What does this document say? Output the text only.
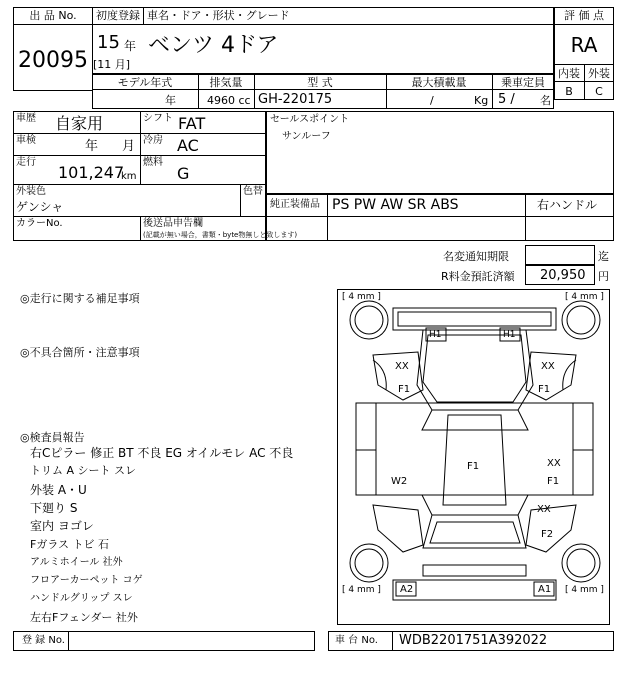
出 品 No.
20095
初度登録 車名・ドア・形状・グレード
15 年
[11 月]
ベンツ 4ドア
評 価 点
RA
内装 外装
B C
モデル年式	排気量	型 式	最大積載量	乗車定員
年	4960 cc GH-220175	/	Kg 5 / 名
車歴 自家用	シフト FAT
車検	年 月 冷房 AC
走行
101,247
km
燃料
G
外装色
ゲンシャ
色替
カラーNo.	後送品申告欄
(記載が無い場合，書類・byte物無しと致します)
セールスポイント
サンルーフ
純正装備品 PS PW AW SR ABS	右ハンドル
名変通知期限	迄
R料金預託済額 20,950 円
◎走行に関する補足事項
◎不具合箇所・注意事項
◎検査員報告
右Cピラー 修正 BT 不良 EG オイルモレ AC 不良
トリム A シート スレ
外装 A・U
下廻り S
室内 ヨゴレ
Fガラス トビ 石
アルミホイール 社外
フロアーカーペット コゲ
ハンドルグリップ スレ
左右Fフェンダー 社外
[ 4 mm ]	[ 4 mm ]
[ 4 mm ]	[ 4 mm ]
H1	H1
XX
F1
XX
F1
F1	XX
F1
W2
XX
F2
A2	A1
登 録 No.	車 台 No. WDB2201751A392022
